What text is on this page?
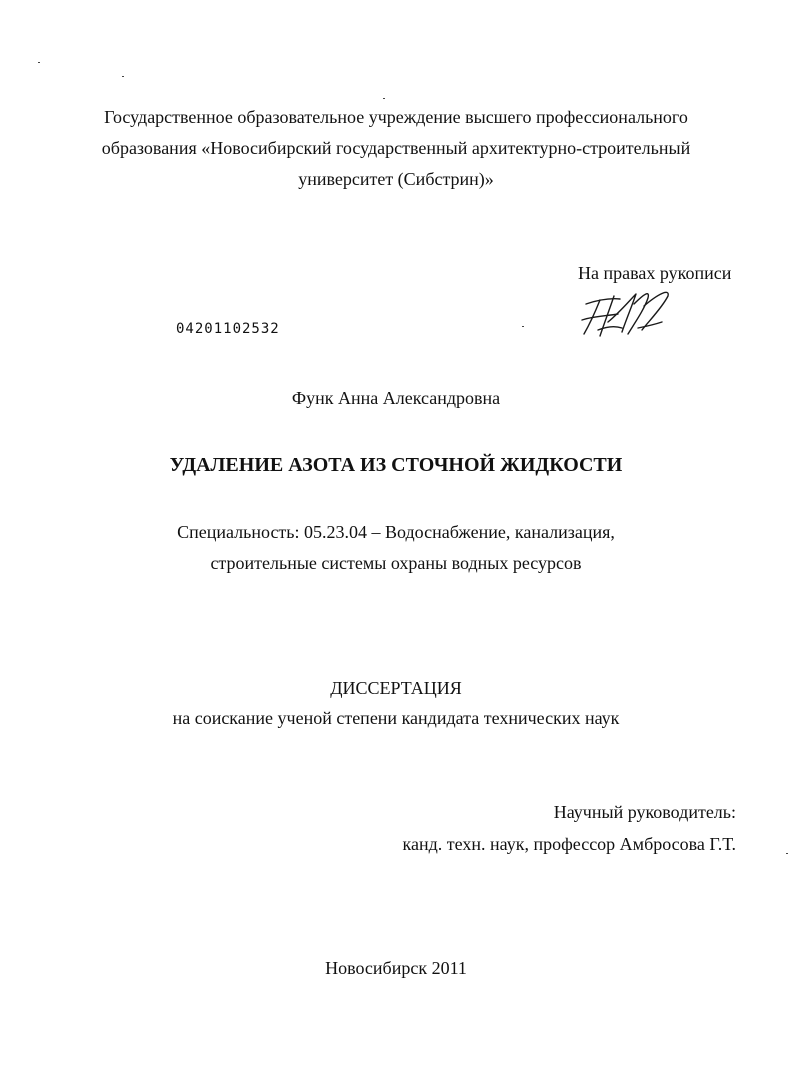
Государственное образовательное учреждение высшего профессионального
образования «Новосибирский государственный архитектурно-строительный
университет (Сибстрин)»
На правах рукописи
04201102532
Функ Анна Александровна
УДАЛЕНИЕ АЗОТА ИЗ СТОЧНОЙ ЖИДКОСТИ
Специальность: 05.23.04 – Водоснабжение, канализация,
строительные системы охраны водных ресурсов
ДИССЕРТАЦИЯ
на соискание ученой степени кандидата технических наук
Научный руководитель:
канд. техн. наук, профессор Амбросова Г.Т.
Новосибирск 2011
